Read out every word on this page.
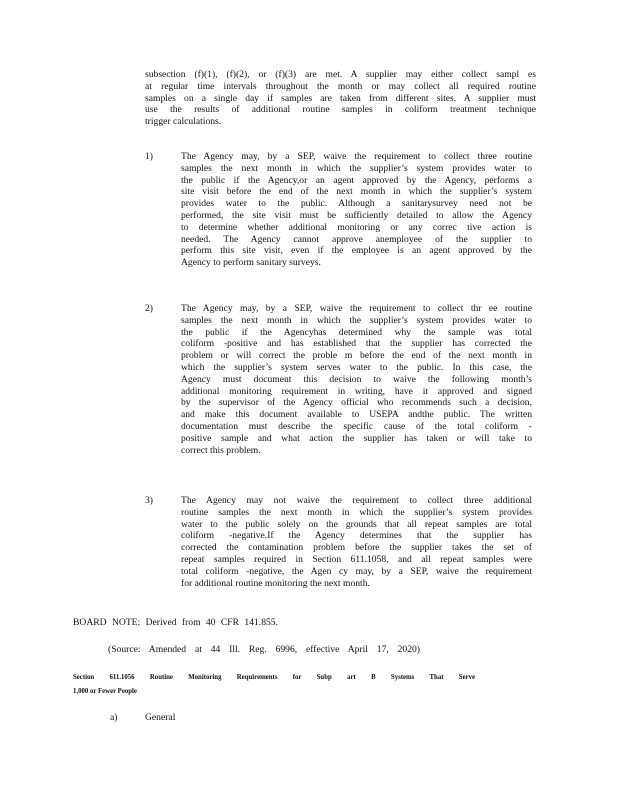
subsection (f)(1), (f)(2), or (f)(3) are met. A supplier may either collect sampl es
at regular time intervals throughout the month or may collect all required routine
samples on a single day if samples are taken from different sites. A supplier must
use the results of additional routine samples in coliform treatment technique
trigger calculations.
1)	The Agency may, by a SEP, waive the requirement to collect three routine
samples the next month in which the supplier’s system provides water to
the public if the Agency,or an agent approved by the Agency, performs a
site visit before the end of the next month in which the supplier’s system
provides water to the public. Although a sanitarysurvey need not be
performed, the site visit must be sufficiently detailed to allow the Agency
to determine whether additional monitoring or any correc tive action is
needed. The Agency cannot approve anemployee of the supplier to
perform this site visit, even if the employee is an agent approved by the
Agency to perform sanitary surveys.
2)	The Agency may, by a SEP, waive the requirement to collect thr ee routine
samples the next month in which the supplier’s system provides water to
the public if the Agencyhas determined why the sample was total
coliform -positive and has established that the supplier has corrected the
problem or will correct the proble m before the end of the next month in
which the supplier’s system serves water to the public. In this case, the
Agency must document this decision to waive the following month’s
additional monitoring requirement in writing, have it approved and signed
by the supervisor of the Agency official who recommends such a decision,
and make this document available to USEPA andthe public. The written
documentation must describe the specific cause of the total coliform -
positive sample and what action the supplier has taken or will take to
correct this problem.
3)	The Agency may not waive the requirement to collect three additional
routine samples the next month in which the supplier’s system provides
water to the public solely on the grounds that all repeat samples are total
coliform -negative.If the Agency determines that the supplier has
corrected the contamination problem before the supplier takes the set of
repeat samples required in Section 611.1058, and all repeat samples were
total coliform -negative, the Agen cy may, by a SEP, waive the requirement
for additional routine monitoring the next month.
BOARD NOTE: Derived from 40 CFR 141.855.
(Source: Amended at 44 Ill. Reg. 6996, effective April 17, 2020)
Section 611.1056 Routine Monitoring Requirements for Subp art B Systems That Serve
1,000 or Fewer People
a)	General
